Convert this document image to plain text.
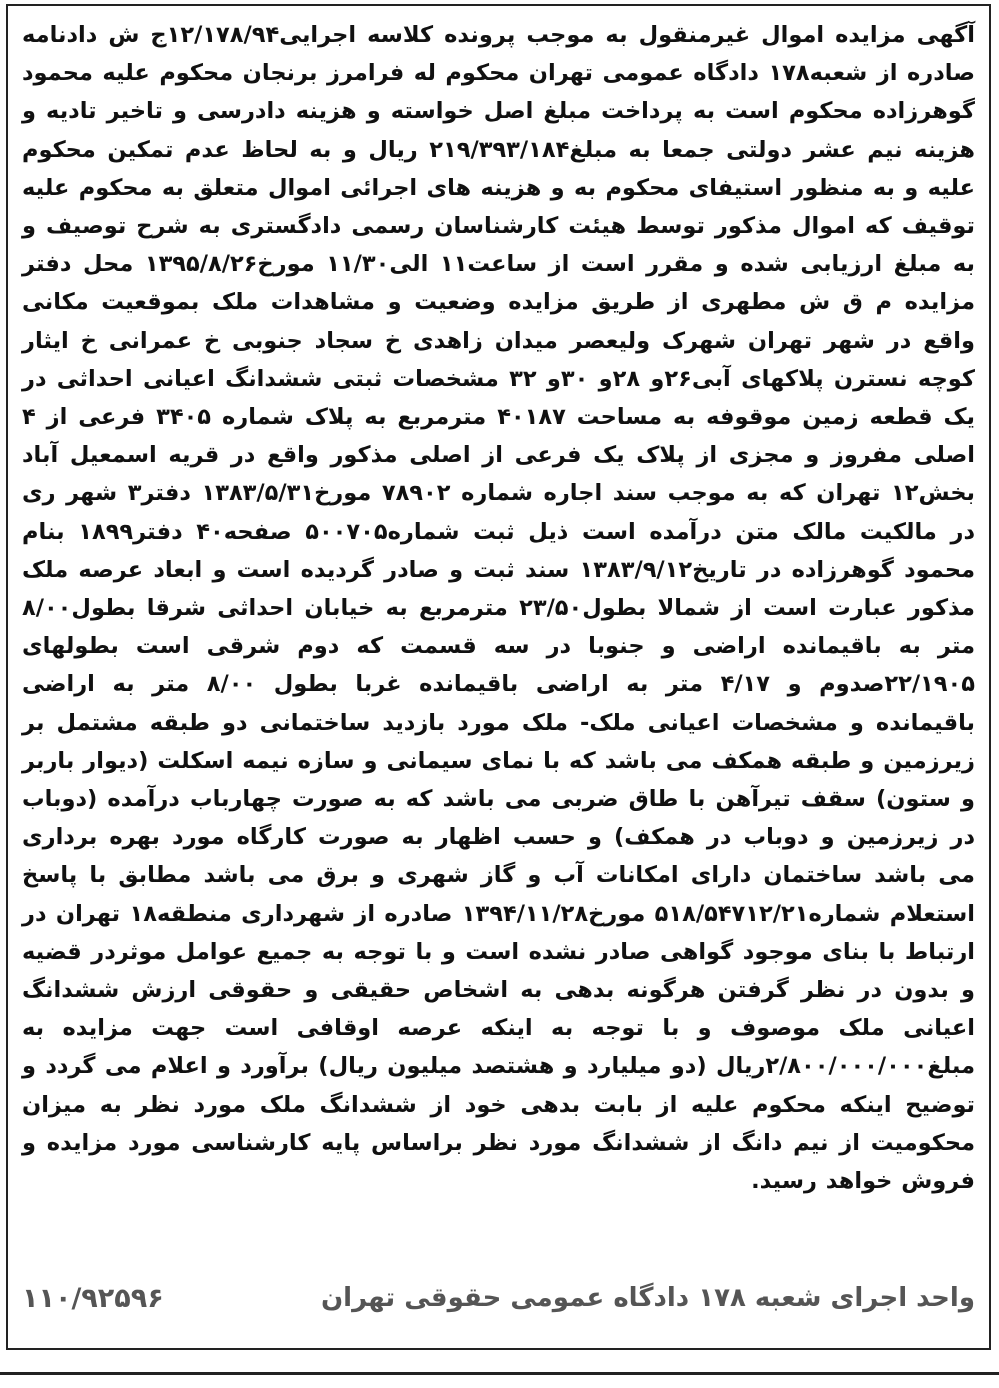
آگهی مزایده اموال غیرمنقول به موجب پرونده کلاسه اجرایی۱۲/۱۷۸/۹۴ج ش دادنامه صادره از شعبه۱۷۸ دادگاه عمومی تهران محکوم له فرامرز برنجان محکوم علیه محمود گوهرزاده محکوم است به پرداخت مبلغ اصل خواسته و هزینه دادرسی و تاخیر تادیه و هزینه نیم عشر دولتی جمعا به مبلغ۲۱۹/۳۹۳/۱۸۴ ریال و به لحاظ عدم تمکین محکوم علیه و به منظور استیفای محکوم به و هزینه های اجرائی اموال متعلق به محکوم علیه توقیف که اموال مذکور توسط هیئت کارشناسان رسمی دادگستری به شرح توصیف و به مبلغ ارزیابی شده و مقرر است از ساعت۱۱ الی۱۱/۳۰ مورخ۱۳۹۵/۸/۲۶ محل دفتر مزایده م ق ش مطهری از طریق مزایده وضعیت و مشاهدات ملک بموقعیت مکانی واقع در شهر تهران شهرک ولیعصر میدان زاهدی خ سجاد جنوبی خ عمرانی خ ایثار کوچه نسترن پلاکهای آبی۲۶و ۲۸و ۳۰و ۳۲ مشخصات ثبتی ششدانگ اعیانی احداثی در یک قطعه زمین موقوفه به مساحت ۴۰۱۸۷ مترمربع به پلاک شماره ۳۴۰۵ فرعی از ۴ اصلی مفروز و مجزی از پلاک یک فرعی از اصلی مذکور واقع در قریه اسمعیل آباد بخش۱۲ تهران که به موجب سند اجاره شماره ۷۸۹۰۲ مورخ۱۳۸۳/۵/۳۱ دفتر۳ شهر ری در مالکیت مالک متن درآمده است ذیل ثبت شماره۵۰۰۷۰۵ صفحه۴۰ دفتر۱۸۹۹ بنام محمود گوهرزاده در تاریخ۱۳۸۳/۹/۱۲ سند ثبت و صادر گردیده است و ابعاد عرصه ملک مذکور عبارت است از شمالا بطول۲۳/۵۰ مترمربع به خیابان احداثی شرقا بطول۸/۰۰ متر به باقیمانده اراضی و جنوبا در سه قسمت که دوم شرقی است بطولهای ۲۲/۱۹۰۵صدوم و ۴/۱۷ متر به اراضی باقیمانده غربا بطول ۸/۰۰ متر به اراضی باقیمانده و مشخصات اعیانی ملک- ملک مورد بازدید ساختمانی دو طبقه مشتمل بر زیرزمین و طبقه همکف می باشد که با نمای سیمانی و سازه نیمه اسکلت (دیوار باربر و ستون) سقف تیرآهن با طاق ضربی می باشد که به صورت چهارباب درآمده (دوباب در زیرزمین و دوباب در همکف) و حسب اظهار به صورت کارگاه مورد بهره برداری می باشد ساختمان دارای امکانات آب و گاز شهری و برق می باشد مطابق با پاسخ استعلام شماره۵۱۸/۵۴۷۱۲/۲۱ مورخ۱۳۹۴/۱۱/۲۸ صادره از شهرداری منطقه۱۸ تهران در ارتباط با بنای موجود گواهی صادر نشده است و با توجه به جمیع عوامل موثردر قضیه و بدون در نظر گرفتن هرگونه بدهی به اشخاص حقیقی و حقوقی ارزش ششدانگ اعیانی ملک موصوف و با توجه به اینکه عرصه اوقافی است جهت مزایده به مبلغ۲/۸۰۰/۰۰۰/۰۰۰ریال (دو میلیارد و هشتصد میلیون ریال) برآورد و اعلام می گردد و توضیح اینکه محکوم علیه از بابت بدهی خود از ششدانگ ملک مورد نظر به میزان محکومیت از نیم دانگ از ششدانگ مورد نظر براساس پایه کارشناسی مورد مزایده و فروش خواهد رسید.
واحد اجرای شعبه ۱۷۸ دادگاه عمومی حقوقی تهران
۱۱۰/۹۲۵۹۶
